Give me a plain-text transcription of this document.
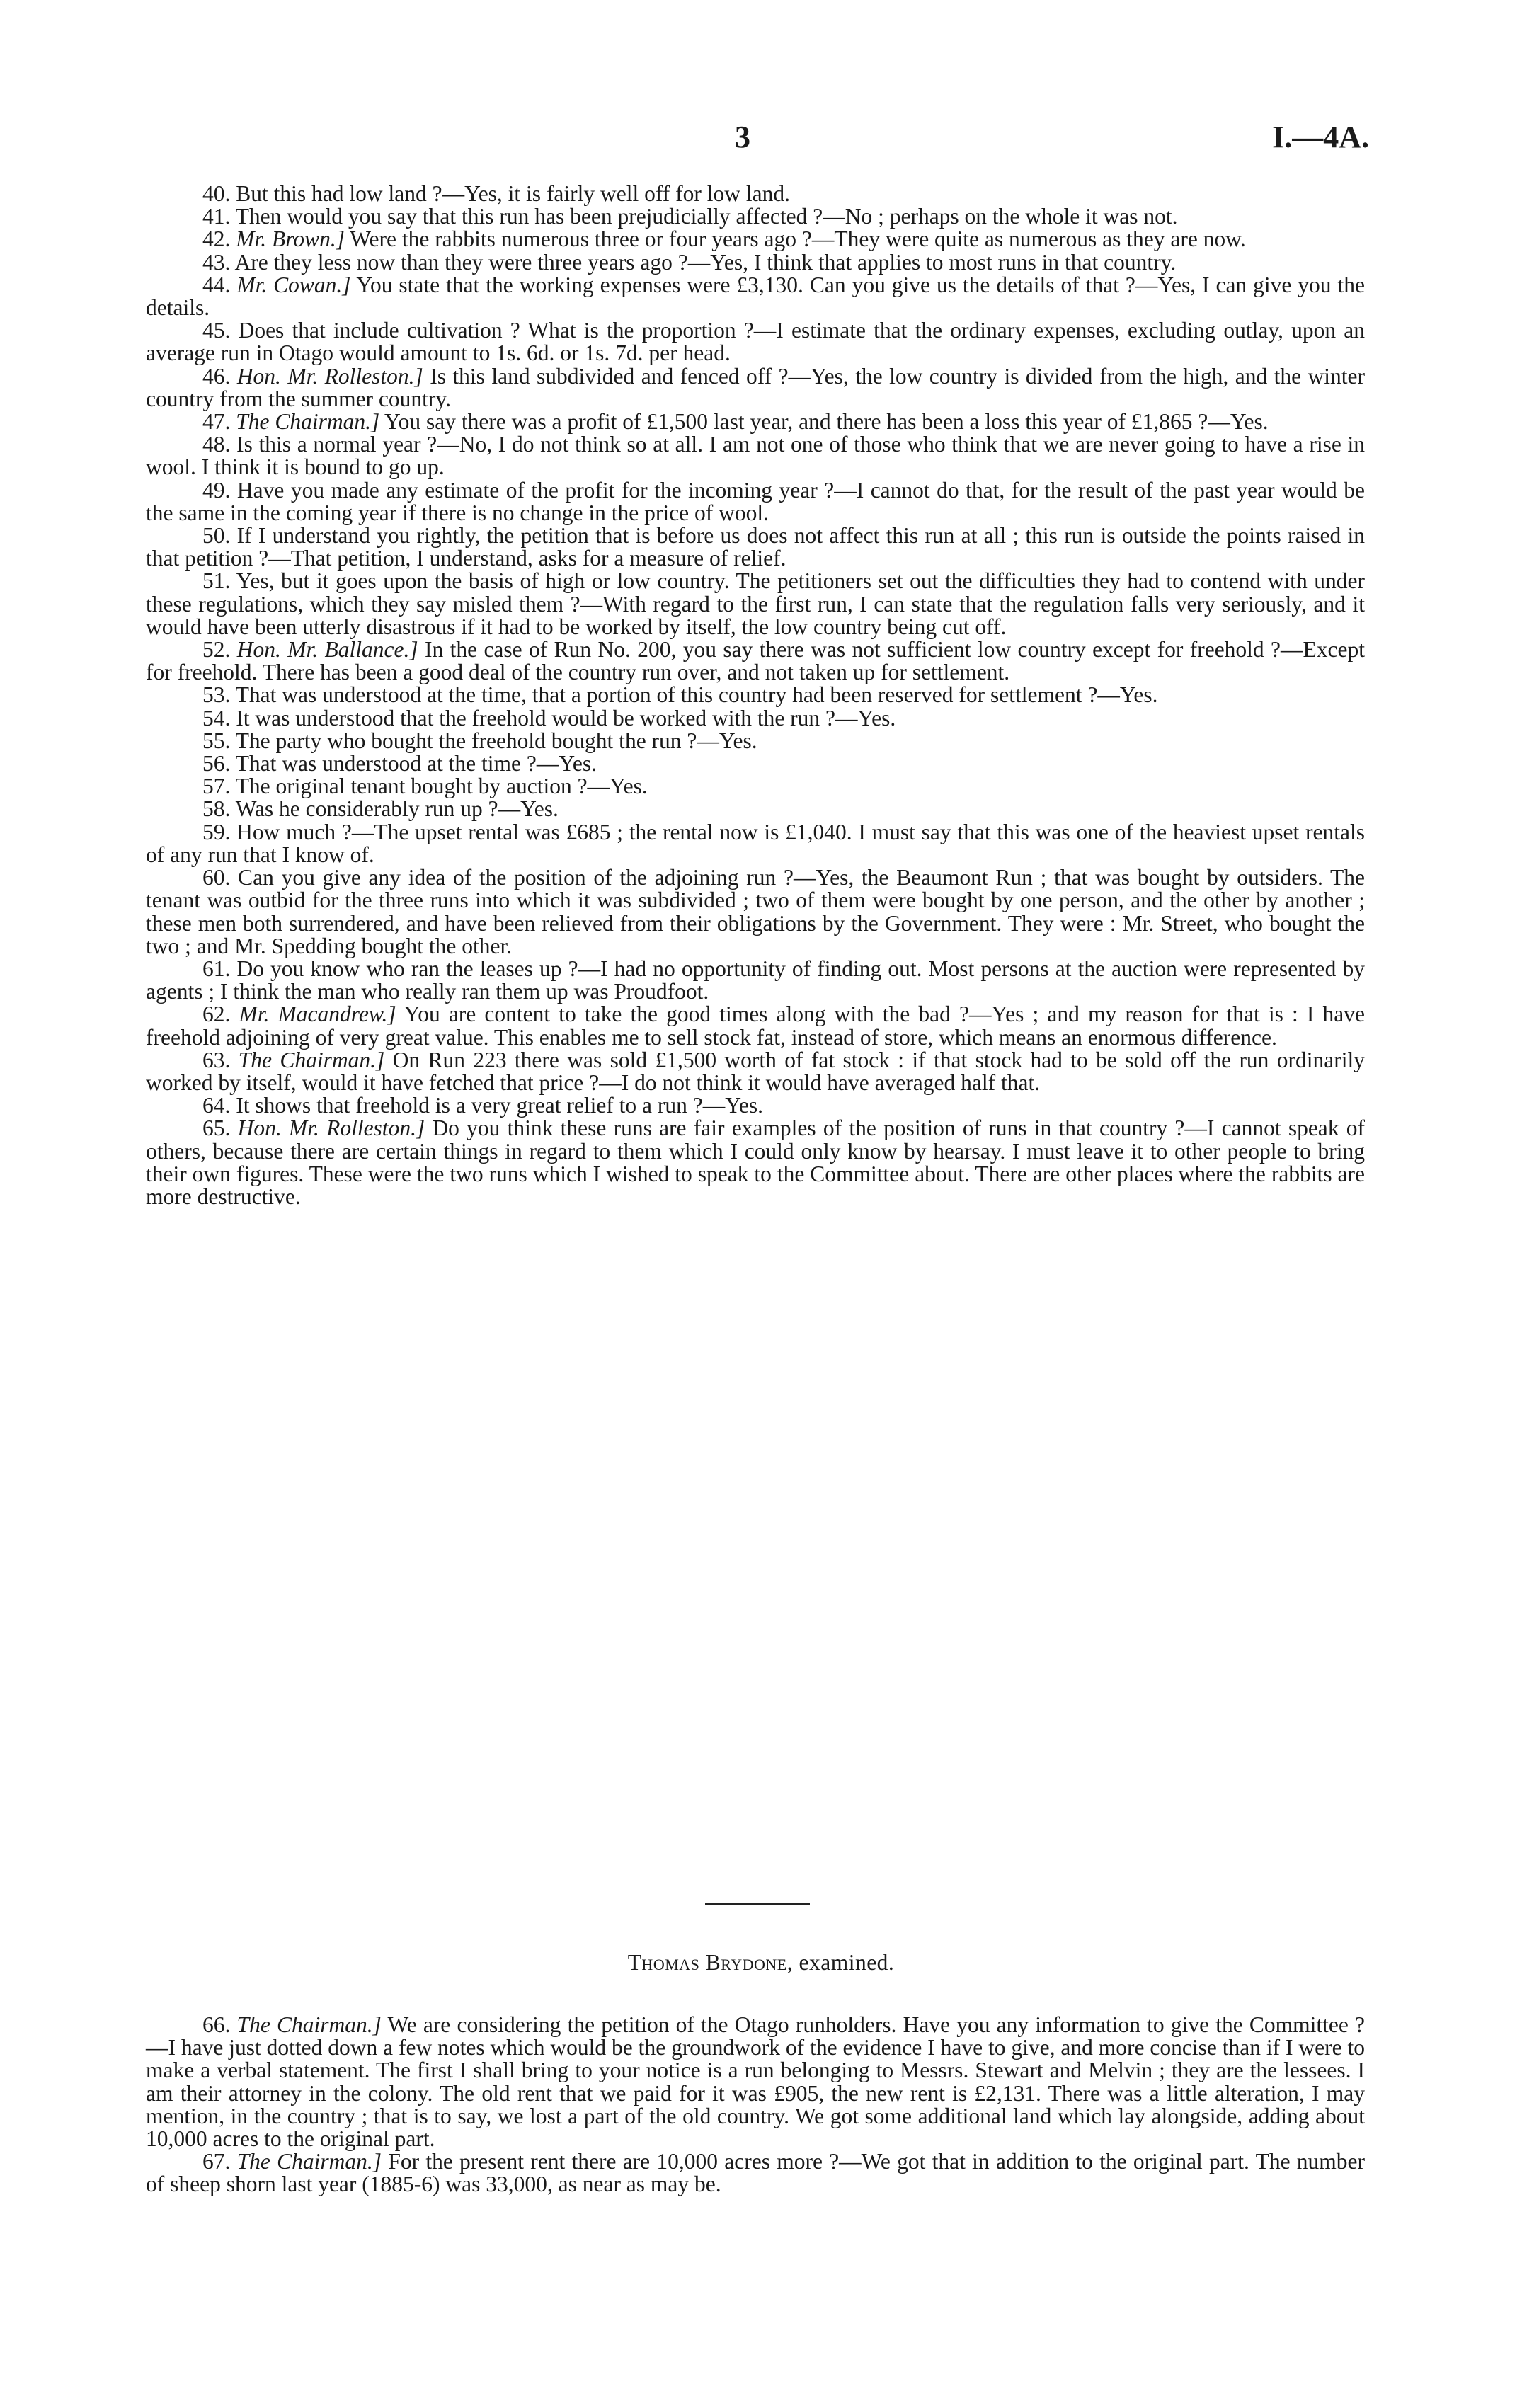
3	I.—4A.

40. But this had low land ?—Yes, it is fairly well off for low land.

41. Then would you say that this run has been prejudicially affected ?—No ; perhaps on the whole it was not.

42. Mr. Brown.] Were the rabbits numerous three or four years ago ?—They were quite as numerous as they are now.

43. Are they less now than they were three years ago ?—Yes, I think that applies to most runs in that country.

44. Mr. Cowan.] You state that the working expenses were £3,130. Can you give us the details of that ?—Yes, I can give you the details.

45. Does that include cultivation ? What is the proportion ?—I estimate that the ordinary expenses, excluding outlay, upon an average run in Otago would amount to 1s. 6d. or 1s. 7d. per head.

46. Hon. Mr. Rolleston.] Is this land subdivided and fenced off ?—Yes, the low country is divided from the high, and the winter country from the summer country.

47. The Chairman.] You say there was a profit of £1,500 last year, and there has been a loss this year of £1,865 ?—Yes.

48. Is this a normal year ?—No, I do not think so at all. I am not one of those who think that we are never going to have a rise in wool. I think it is bound to go up.

49. Have you made any estimate of the profit for the incoming year ?—I cannot do that, for the result of the past year would be the same in the coming year if there is no change in the price of wool.

50. If I understand you rightly, the petition that is before us does not affect this run at all ; this run is outside the points raised in that petition ?—That petition, I understand, asks for a measure of relief.

51. Yes, but it goes upon the basis of high or low country. The petitioners set out the difficulties they had to contend with under these regulations, which they say misled them ?—With regard to the first run, I can state that the regulation falls very seriously, and it would have been utterly disastrous if it had to be worked by itself, the low country being cut off.

52. Hon. Mr. Ballance.] In the case of Run No. 200, you say there was not sufficient low country except for freehold ?—Except for freehold. There has been a good deal of the country run over, and not taken up for settlement.

53. That was understood at the time, that a portion of this country had been reserved for settlement ?—Yes.

54. It was understood that the freehold would be worked with the run ?—Yes.

55. The party who bought the freehold bought the run ?—Yes.

56. That was understood at the time ?—Yes.

57. The original tenant bought by auction ?—Yes.

58. Was he considerably run up ?—Yes.

59. How much ?—The upset rental was £685 ; the rental now is £1,040. I must say that this was one of the heaviest upset rentals of any run that I know of.

60. Can you give any idea of the position of the adjoining run ?—Yes, the Beaumont Run ; that was bought by outsiders. The tenant was outbid for the three runs into which it was subdivided ; two of them were bought by one person, and the other by another ; these men both surrendered, and have been relieved from their obligations by the Government. They were : Mr. Street, who bought the two ; and Mr. Spedding bought the other.

61. Do you know who ran the leases up ?—I had no opportunity of finding out. Most persons at the auction were represented by agents ; I think the man who really ran them up was Proudfoot.

62. Mr. Macandrew.] You are content to take the good times along with the bad ?—Yes ; and my reason for that is : I have freehold adjoining of very great value. This enables me to sell stock fat, instead of store, which means an enormous difference.

63. The Chairman.] On Run 223 there was sold £1,500 worth of fat stock : if that stock had to be sold off the run ordinarily worked by itself, would it have fetched that price ?—I do not think it would have averaged half that.

64. It shows that freehold is a very great relief to a run ?—Yes.

65. Hon. Mr. Rolleston.] Do you think these runs are fair examples of the position of runs in that country ?—I cannot speak of others, because there are certain things in regard to them which I could only know by hearsay. I must leave it to other people to bring their own figures. These were the two runs which I wished to speak to the Committee about. There are other places where the rabbits are more destructive.

Thomas Brydone, examined.

66. The Chairman.] We are considering the petition of the Otago runholders. Have you any information to give the Committee ?—I have just dotted down a few notes which would be the groundwork of the evidence I have to give, and more concise than if I were to make a verbal statement. The first I shall bring to your notice is a run belonging to Messrs. Stewart and Melvin ; they are the lessees. I am their attorney in the colony. The old rent that we paid for it was £905, the new rent is £2,131. There was a little alteration, I may mention, in the country ; that is to say, we lost a part of the old country. We got some additional land which lay alongside, adding about 10,000 acres to the original part.

67. The Chairman.] For the present rent there are 10,000 acres more ?—We got that in addition to the original part. The number of sheep shorn last year (1885-6) was 33,000, as near as may be.
